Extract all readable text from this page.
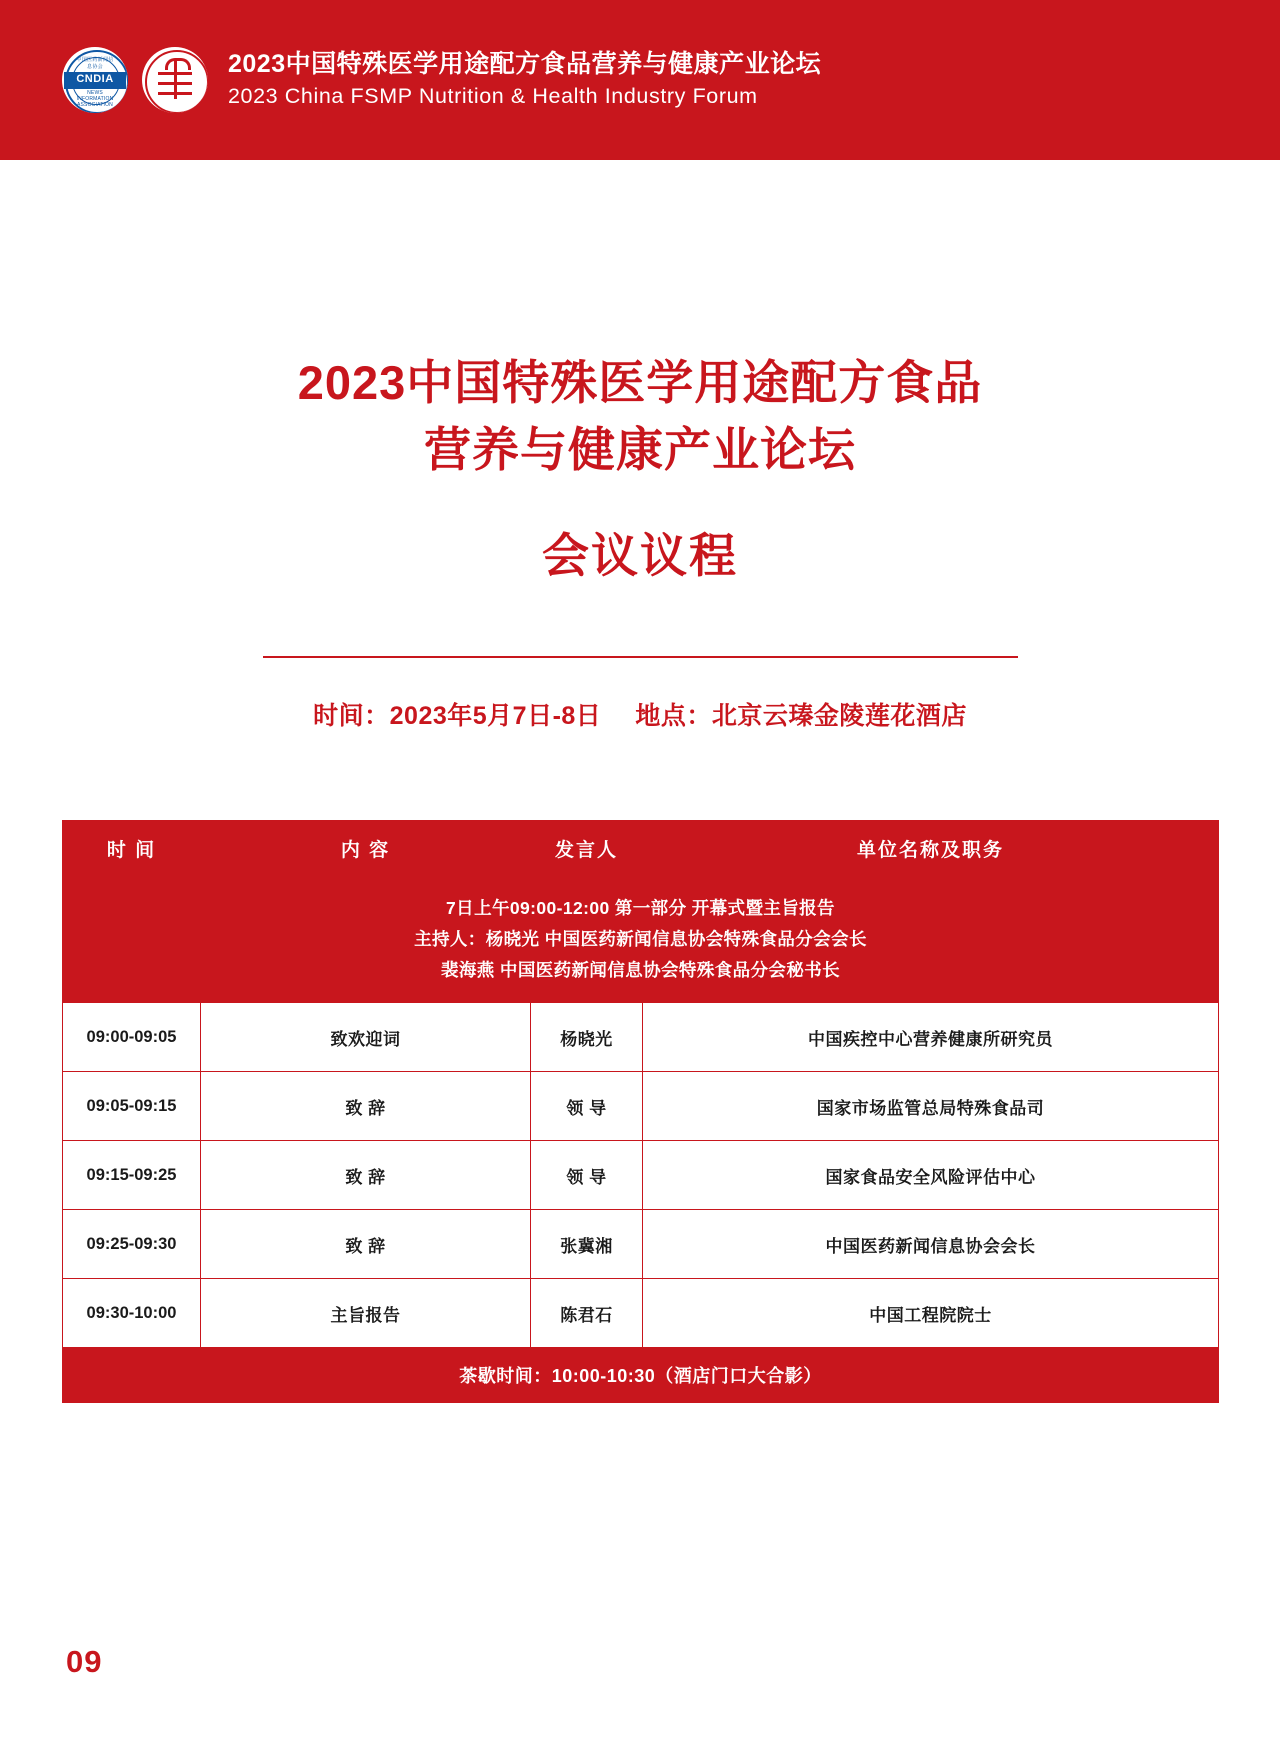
中国医药新闻信息协会
CNDIA
CHINA MEDICAL NEWS INFORMATION ASSOCIATION
2023中国特殊医学用途配方食品营养与健康产业论坛
2023 China FSMP Nutrition & Health Industry Forum
2023中国特殊医学用途配方食品
营养与健康产业论坛
会议议程
时间：2023年5月7日-8日 地点：北京云瑧金陵莲花酒店
时 间	内 容	发言人	单位名称及职务

7日上午09:00-12:00 第一部分 开幕式暨主旨报告
主持人：杨晓光 中国医药新闻信息协会特殊食品分会会长
裴海燕 中国医药新闻信息协会特殊食品分会秘书长			

09:00-09:05	致欢迎词	杨晓光	中国疾控中心营养健康所研究员
09:05-09:15	致 辞	领 导	国家市场监管总局特殊食品司
09:15-09:25	致 辞	领 导	国家食品安全风险评估中心
09:25-09:30	致 辞	张冀湘	中国医药新闻信息协会会长
09:30-10:00	主旨报告	陈君石	中国工程院院士
茶歇时间：10:00-10:30（酒店门口大合影）			
09
